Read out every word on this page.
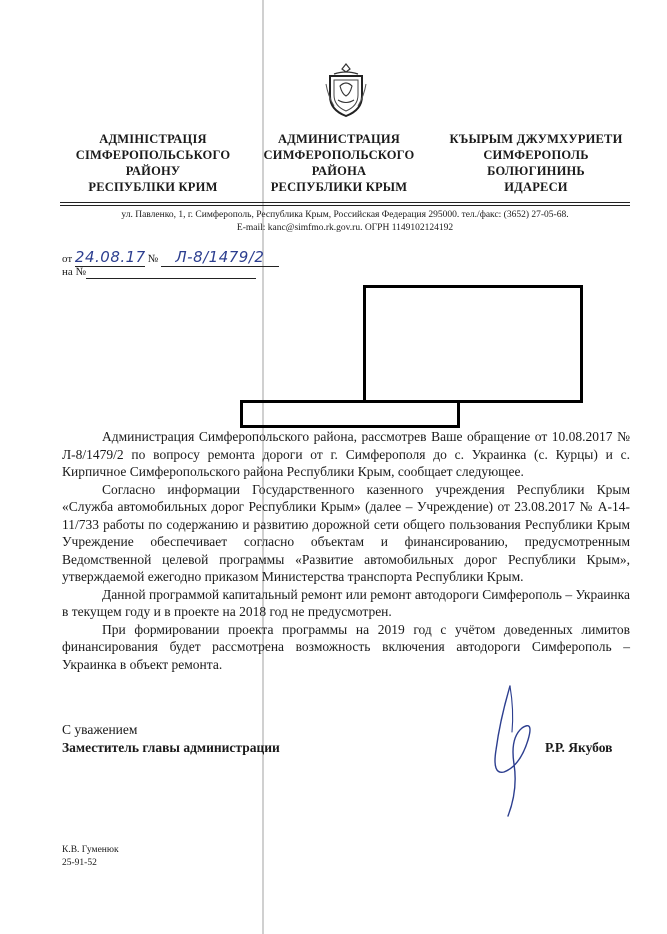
АДМІНІСТРАЦІЯ
СІМФЕРОПОЛЬСЬКОГО
РАЙОНУ
РЕСПУБЛІКИ КРИМ
АДМИНИСТРАЦИЯ
СИМФЕРОПОЛЬСКОГО
РАЙОНА
РЕСПУБЛИКИ КРЫМ
КЪЫРЫМ ДЖУМХУРИЕТИ
СИМФЕРОПОЛЬ
БОЛЮГИНИНЬ
ИДАРЕСИ
ул. Павленко, 1, г. Симферополь, Республика Крым, Российская Федерация 295000. тел./факс: (3652) 27-05-68.
E-mail: kanc@simfmo.rk.gov.ru. ОГРН 1149102124192
от 24.08.17 № Л-8/1479/2
на №

Администрация Симферопольского района, рассмотрев Ваше обращение от 10.08.2017 № Л-8/1479/2 по вопросу ремонта дороги от г. Симферополя до с. Украинка (с. Курцы) и с. Кирпичное Симферопольского района Республики Крым, сообщает следующее.

Согласно информации Государственного казенного учреждения Республики Крым «Служба автомобильных дорог Республики Крым» (далее – Учреждение) от 23.08.2017 № А-14-11/733 работы по содержанию и развитию дорожной сети общего пользования Республики Крым Учреждение обеспечивает согласно объектам и финансированию, предусмотренным Ведомственной целевой программы «Развитие автомобильных дорог Республики Крым», утверждаемой ежегодно приказом Министерства транспорта Республики Крым.

Данной программой капитальный ремонт или ремонт автодороги Симферополь – Украинка в текущем году и в проекте на 2018 год не предусмотрен.

При формировании проекта программы на 2019 год с учётом доведенных лимитов финансирования будет рассмотрена возможность включения автодороги Симферополь – Украинка в объект ремонта.

С уважением
Заместитель главы администрации	Р.Р. Якубов
К.В. Гуменюк
25-91-52
